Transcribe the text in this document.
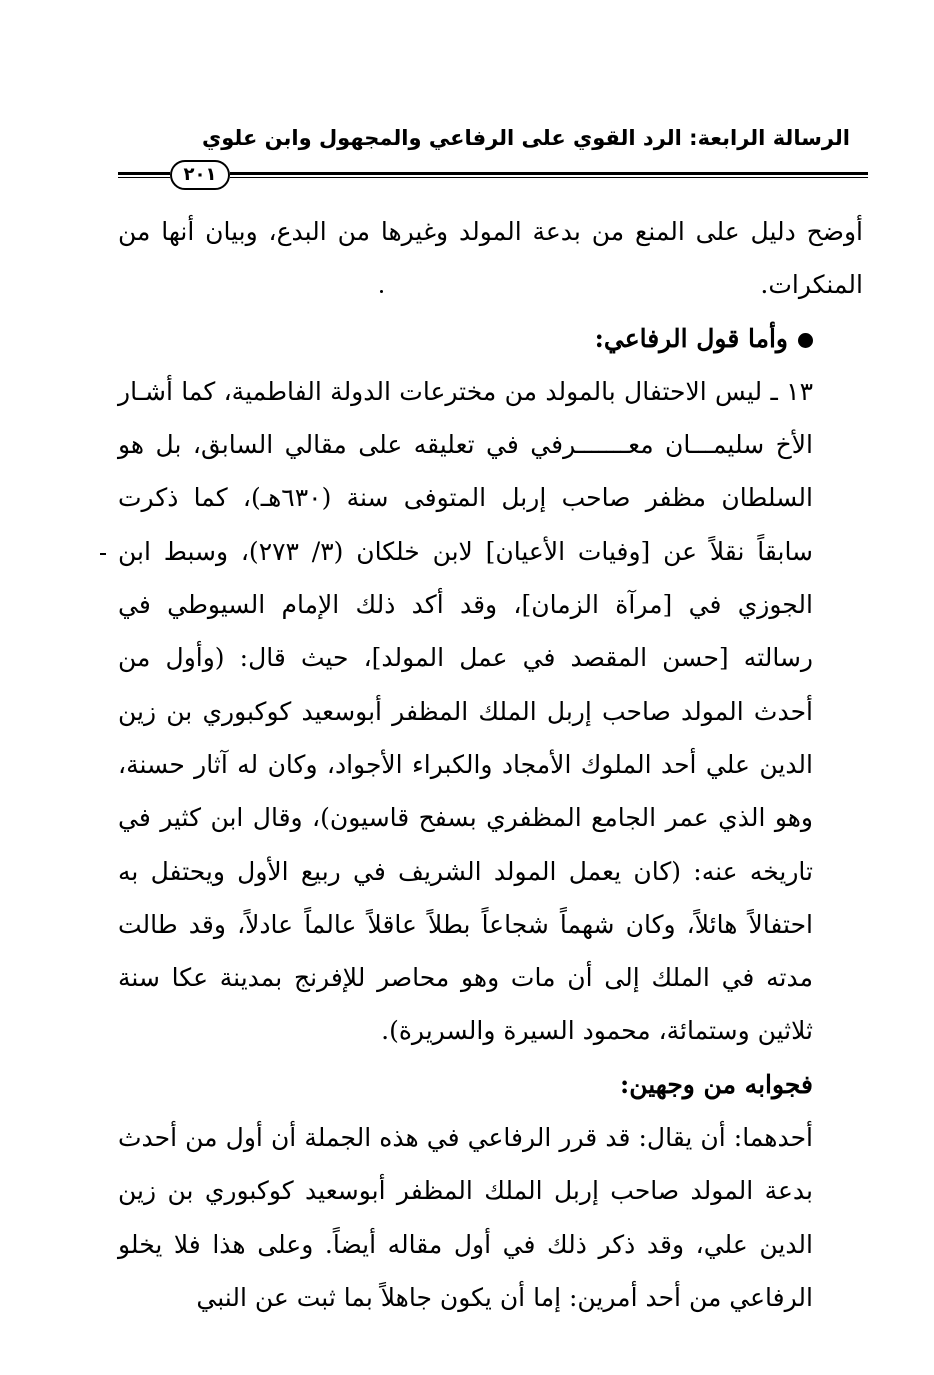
الرسالة الرابعة: الرد القوي على الرفاعي والمجهول وابن علوي
٢٠١

أوضح دليل على المنع من بدعة المولد وغيرها من البدع، وبيان أنها من المنكرات.

وأما قول الرفاعي:

١٣ ـ ليس الاحتفال بالمولد من مخترعات الدولة الفاطمية، كما أشـار الأخ سليمـــان معـــــــرفي في تعليقه على مقالي السابق، بل هو السلطان مظفر صاحب إربل المتوفى سنة (٦٣٠هـ)، كما ذكرت سابقاً نقلاً عن [وفيات الأعيان] لابن خلكان (٣/ ٢٧٣)، وسبط ابن الجوزي في [مرآة الزمان]، وقد أكد ذلك الإمام السيوطي في رسالته [حسن المقصد في عمل المولد]، حيث قال: (وأول من أحدث المولد صاحب إربل الملك المظفر أبوسعيد كوكبوري بن زين الدين علي أحد الملوك الأمجاد والكبراء الأجواد، وكان له آثار حسنة، وهو الذي عمر الجامع المظفري بسفح قاسيون)، وقال ابن كثير في تاريخه عنه: (كان يعمل المولد الشريف في ربيع الأول ويحتفل به احتفالاً هائلاً، وكان شهماً شجاعاً بطلاً عاقلاً عالماً عادلاً، وقد طالت مدته في الملك إلى أن مات وهو محاصر للإفرنج بمدينة عكا سنة ثلاثين وستمائة، محمود السيرة والسريرة).

فجوابه من وجهين:

أحدهما: أن يقال: قد قرر الرفاعي في هذه الجملة أن أول من أحدث بدعة المولد صاحب إربل الملك المظفر أبوسعيد كوكبوري بن زين الدين علي، وقد ذكر ذلك في أول مقاله أيضاً. وعلى هذا فلا يخلو الرفاعي من أحد أمرين: إما أن يكون جاهلاً بما ثبت عن النبي
